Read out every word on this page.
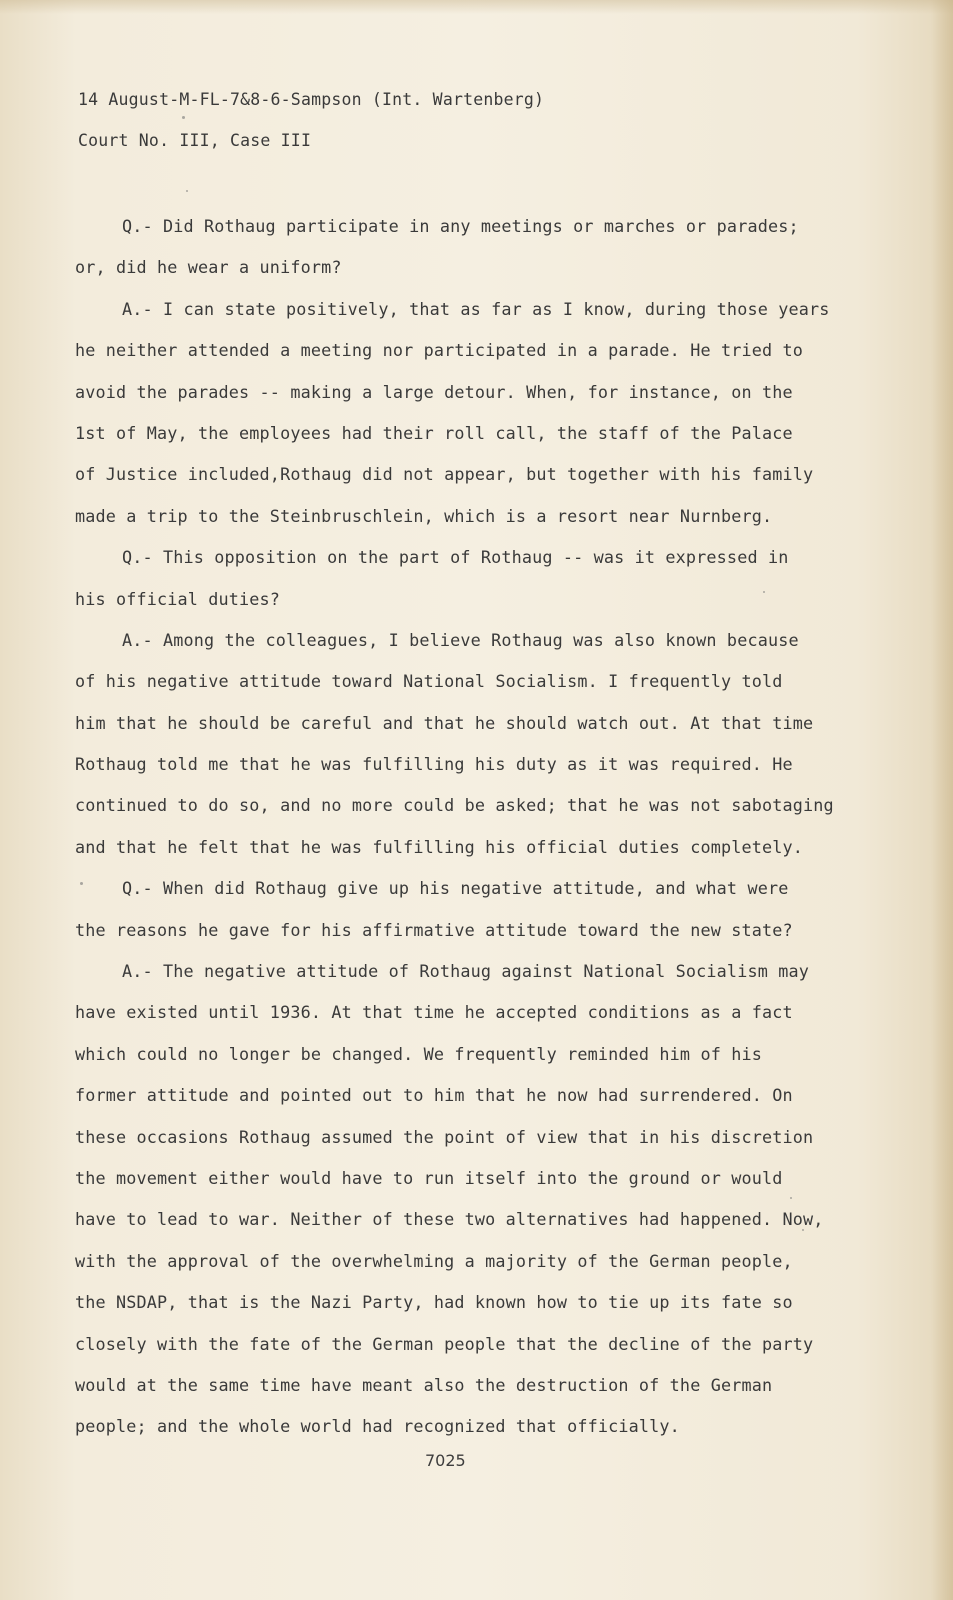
14 August-M-FL-7&8-6-Sampson (Int. Wartenberg)
Court No. III, Case III
Q.- Did Rothaug participate in any meetings or marches or parades;
or, did he wear a uniform?
A.- I can state positively, that as far as I know, during those years
he neither attended a meeting nor participated in a parade. He tried to
avoid the parades -- making a large detour. When, for instance, on the
1st of May, the employees had their roll call, the staff of the Palace
of Justice included,Rothaug did not appear, but together with his family
made a trip to the Steinbruschlein, which is a resort near Nurnberg.
Q.- This opposition on the part of Rothaug -- was it expressed in
his official duties?
A.- Among the colleagues, I believe Rothaug was also known because
of his negative attitude toward National Socialism. I frequently told
him that he should be careful and that he should watch out. At that time
Rothaug told me that he was fulfilling his duty as it was required. He
continued to do so, and no more could be asked; that he was not sabotaging
and that he felt that he was fulfilling his official duties completely.
Q.- When did Rothaug give up his negative attitude, and what were
the reasons he gave for his affirmative attitude toward the new state?
A.- The negative attitude of Rothaug against National Socialism may
have existed until 1936. At that time he accepted conditions as a fact
which could no longer be changed. We frequently reminded him of his
former attitude and pointed out to him that he now had surrendered. On
these occasions Rothaug assumed the point of view that in his discretion
the movement either would have to run itself into the ground or would
have to lead to war. Neither of these two alternatives had happened. Now,
with the approval of the overwhelming a majority of the German people,
the NSDAP, that is the Nazi Party, had known how to tie up its fate so
closely with the fate of the German people that the decline of the party
would at the same time have meant also the destruction of the German
people; and the whole world had recognized that officially.
7025
